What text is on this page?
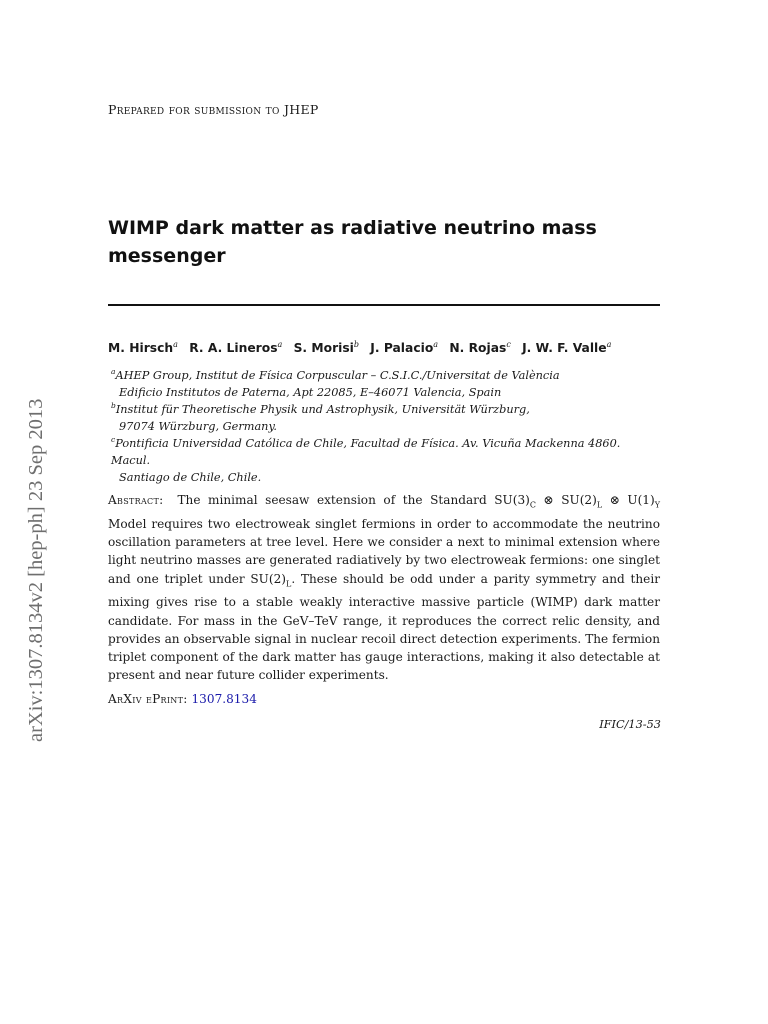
arXiv:1307.8134v2 [hep-ph] 23 Sep 2013
Prepared for submission to JHEP
WIMP dark matter as radiative neutrino mass
messenger
M. Hirsch$^a$ R. A. Lineros$^a$ S. Morisi$^b$ J. Palacio$^a$ N. Rojas$^c$ J. W. F. Valle$^a$
$^a$AHEP Group, Institut de Física Corpuscular – C.S.I.C./Universitat de València
Edificio Institutos de Paterna, Apt 22085, E–46071 Valencia, Spain
$^b$Institut für Theoretische Physik und Astrophysik, Universität Würzburg,
97074 Würzburg, Germany.
$^c$Pontificia Universidad Católica de Chile, Facultad de Física. Av. Vicuña Mackenna 4860. Macul.
Santiago de Chile, Chile.
Abstract: The minimal seesaw extension of the Standard $SU(3)_C$ ⊗ $SU(2)_L$ ⊗ $U(1)_Y$ Model requires two electroweak singlet fermions in order to accommodate the neutrino oscillation parameters at tree level. Here we consider a next to minimal extension where light neutrino masses are generated radiatively by two electroweak fermions: one singlet and one triplet under $SU(2)_L$. These should be odd under a parity symmetry and their mixing gives rise to a stable weakly interactive massive particle (WIMP) dark matter candidate. For mass in the GeV–TeV range, it reproduces the correct relic density, and provides an observable signal in nuclear recoil direct detection experiments. The fermion triplet component of the dark matter has gauge interactions, making it also detectable at present and near future collider experiments.
ArXiv ePrint: 1307.8134
IFIC/13-53
